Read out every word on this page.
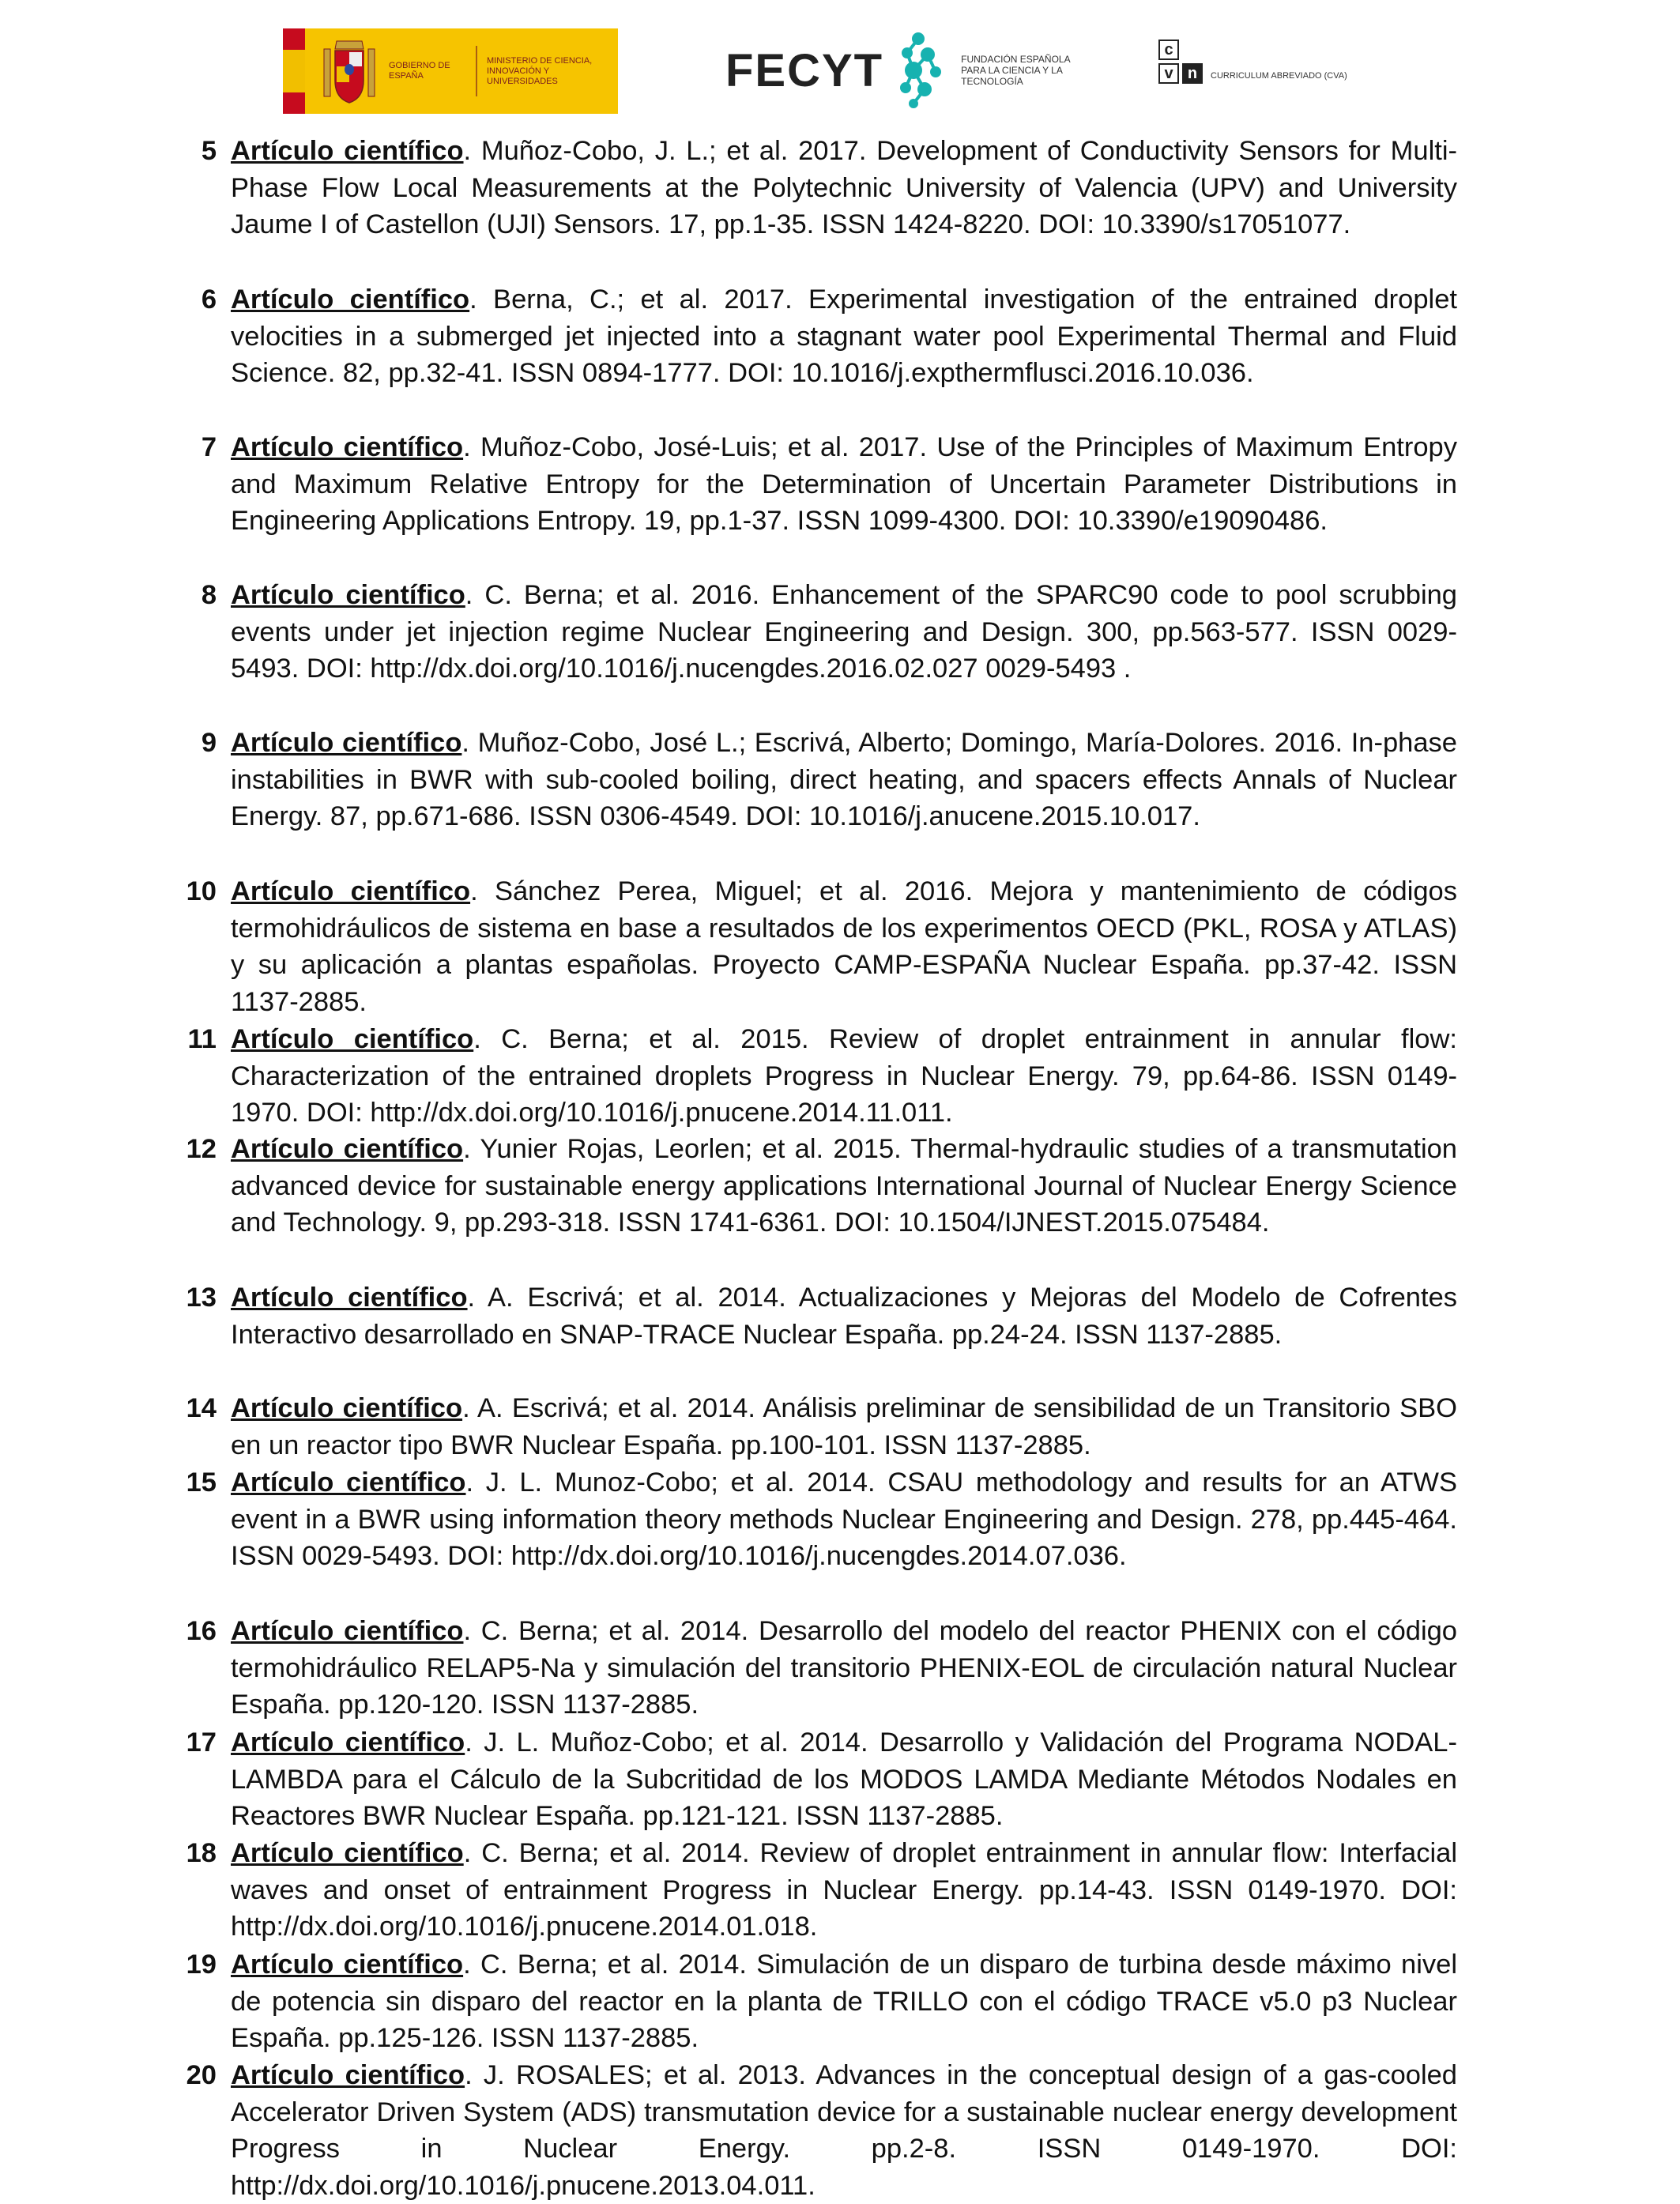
GOBIERNO DE ESPAÑA
MINISTERIO DE CIENCIA, INNOVACIÓN Y UNIVERSIDADES	FECYT	FUNDACIÓN ESPAÑOLA PARA LA CIENCIA Y LA TECNOLOGÍA
c
v n	CURRICULUM ABREVIADO (CVA)
5 Artículo científico. Muñoz-Cobo, J. L.; et al. 2017. Development of Conductivity Sensors for Multi-Phase Flow Local Measurements at the Polytechnic University of Valencia (UPV) and University Jaume I of Castellon (UJI) Sensors. 17, pp.1-35. ISSN 1424-8220. DOI: 10.3390/s17051077.
6 Artículo científico. Berna, C.; et al. 2017. Experimental investigation of the entrained droplet velocities in a submerged jet injected into a stagnant water pool Experimental Thermal and Fluid Science. 82, pp.32-41. ISSN 0894-1777. DOI: 10.1016/j.expthermflusci.2016.10.036.
7 Artículo científico. Muñoz-Cobo, José-Luis; et al. 2017. Use of the Principles of Maximum Entropy and Maximum Relative Entropy for the Determination of Uncertain Parameter Distributions in Engineering Applications Entropy. 19, pp.1-37. ISSN 1099-4300. DOI: 10.3390/e19090486.
8 Artículo científico. C. Berna; et al. 2016. Enhancement of the SPARC90 code to pool scrubbing events under jet injection regime Nuclear Engineering and Design. 300, pp.563-577. ISSN 0029-5493. DOI: http://dx.doi.org/10.1016/j.nucengdes.2016.02.027 0029-5493 .
9 Artículo científico. Muñoz-Cobo, José L.; Escrivá, Alberto; Domingo, María-Dolores. 2016. In-phase instabilities in BWR with sub-cooled boiling, direct heating, and spacers effects Annals of Nuclear Energy. 87, pp.671-686. ISSN 0306-4549. DOI: 10.1016/j.anucene.2015.10.017.
10 Artículo científico. Sánchez Perea, Miguel; et al. 2016. Mejora y mantenimiento de códigos termohidráulicos de sistema en base a resultados de los experimentos OECD (PKL, ROSA y ATLAS) y su aplicación a plantas españolas. Proyecto CAMP-ESPAÑA Nuclear España. pp.37-42. ISSN 1137-2885.
11 Artículo científico. C. Berna; et al. 2015. Review of droplet entrainment in annular flow: Characterization of the entrained droplets Progress in Nuclear Energy. 79, pp.64-86. ISSN 0149-1970. DOI: http://dx.doi.org/10.1016/j.pnucene.2014.11.011.
12 Artículo científico. Yunier Rojas, Leorlen; et al. 2015. Thermal-hydraulic studies of a transmutation advanced device for sustainable energy applications International Journal of Nuclear Energy Science and Technology. 9, pp.293-318. ISSN 1741-6361. DOI: 10.1504/IJNEST.2015.075484.
13 Artículo científico. A. Escrivá; et al. 2014. Actualizaciones y Mejoras del Modelo de Cofrentes Interactivo desarrollado en SNAP-TRACE Nuclear España. pp.24-24. ISSN 1137-2885.
14 Artículo científico. A. Escrivá; et al. 2014. Análisis preliminar de sensibilidad de un Transitorio SBO en un reactor tipo BWR Nuclear España. pp.100-101. ISSN 1137-2885.
15 Artículo científico. J. L. Munoz-Cobo; et al. 2014. CSAU methodology and results for an ATWS event in a BWR using information theory methods Nuclear Engineering and Design. 278, pp.445-464. ISSN 0029-5493. DOI: http://dx.doi.org/10.1016/j.nucengdes.2014.07.036.
16 Artículo científico. C. Berna; et al. 2014. Desarrollo del modelo del reactor PHENIX con el código termohidráulico RELAP5-Na y simulación del transitorio PHENIX-EOL de circulación natural Nuclear España. pp.120-120. ISSN 1137-2885.
17 Artículo científico. J. L. Muñoz-Cobo; et al. 2014. Desarrollo y Validación del Programa NODAL-LAMBDA para el Cálculo de la Subcritidad de los MODOS LAMDA Mediante Métodos Nodales en Reactores BWR Nuclear España. pp.121-121. ISSN 1137-2885.
18 Artículo científico. C. Berna; et al. 2014. Review of droplet entrainment in annular flow: Interfacial waves and onset of entrainment Progress in Nuclear Energy. pp.14-43. ISSN 0149-1970. DOI: http://dx.doi.org/10.1016/j.pnucene.2014.01.018.
19 Artículo científico. C. Berna; et al. 2014. Simulación de un disparo de turbina desde máximo nivel de potencia sin disparo del reactor en la planta de TRILLO con el código TRACE v5.0 p3 Nuclear España. pp.125-126. ISSN 1137-2885.
20 Artículo científico. J. ROSALES; et al. 2013. Advances in the conceptual design of a gas-cooled Accelerator Driven System (ADS) transmutation device for a sustainable nuclear energy development Progress in Nuclear Energy. pp.2-8. ISSN 0149-1970. DOI: http://dx.doi.org/10.1016/j.pnucene.2013.04.011.
